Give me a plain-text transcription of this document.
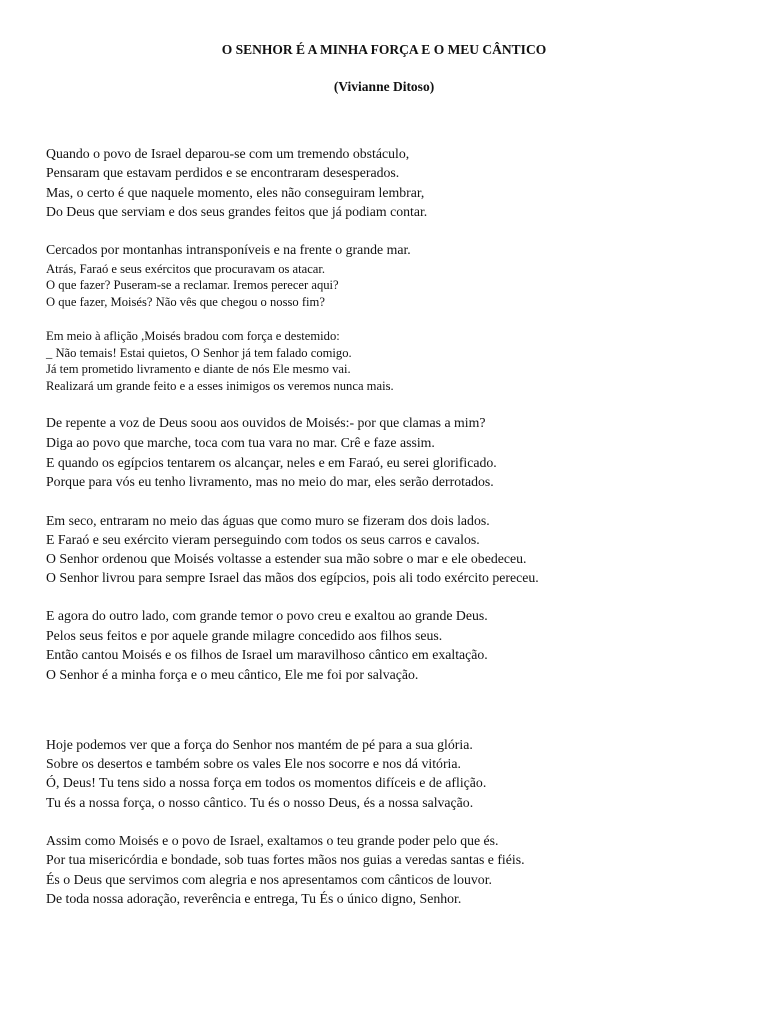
O SENHOR É A MINHA FORÇA E O MEU CÂNTICO

(Vivianne Ditoso)

Quando o povo de Israel deparou-se com um tremendo obstáculo,

Pensaram que estavam perdidos e se encontraram desesperados.

Mas, o certo é que naquele momento, eles não conseguiram lembrar,

Do Deus que serviam e dos seus grandes feitos que já podiam contar.

Cercados por montanhas intransponíveis e na frente o grande mar.

Atrás, Faraó e seus exércitos que procuravam os atacar.

O que fazer? Puseram-se a reclamar. Iremos perecer aqui?

O que fazer, Moisés? Não vês que chegou o nosso fim?

Em meio à aflição ,Moisés bradou com força e destemido:

_ Não temais! Estai quietos, O Senhor já tem falado comigo.

Já tem prometido livramento e diante de nós Ele mesmo vai.

Realizará um grande feito e a esses inimigos os veremos nunca mais.

De repente a voz de Deus soou aos ouvidos de Moisés:- por que clamas a mim?

Diga ao povo que marche, toca com tua vara no mar. Crê e faze assim.

E quando os egípcios tentarem os alcançar, neles e em Faraó, eu serei glorificado.

Porque para vós eu tenho livramento, mas no meio do mar, eles serão derrotados.

Em seco, entraram no meio das águas que como muro se fizeram dos dois lados.

E Faraó e seu exército vieram perseguindo com todos os seus carros e cavalos.

O Senhor ordenou que Moisés voltasse a estender sua mão sobre o mar e ele obedeceu.

O Senhor livrou para sempre Israel das mãos dos egípcios, pois ali todo exército pereceu.

E agora do outro lado, com grande temor o povo creu e exaltou ao grande Deus.

Pelos seus feitos e por aquele grande milagre concedido aos filhos seus.

Então cantou Moisés e os filhos de Israel um maravilhoso cântico em exaltação.

O Senhor é a minha força e o meu cântico, Ele me foi por salvação.

Hoje podemos ver que a força do Senhor nos mantém de pé para a sua glória.

Sobre os desertos e também sobre os vales Ele nos socorre e nos dá vitória.

Ó, Deus! Tu tens sido a nossa força em todos os momentos difíceis e de aflição.

Tu és a nossa força, o nosso cântico. Tu és o nosso Deus, és a nossa salvação.

Assim como Moisés e o povo de Israel, exaltamos o teu grande poder pelo que és.

Por tua misericórdia e bondade, sob tuas fortes mãos nos guias a veredas santas e fiéis.

És o Deus que servimos com alegria e nos apresentamos com cânticos de louvor.

De toda nossa adoração, reverência e entrega, Tu És o único digno, Senhor.
